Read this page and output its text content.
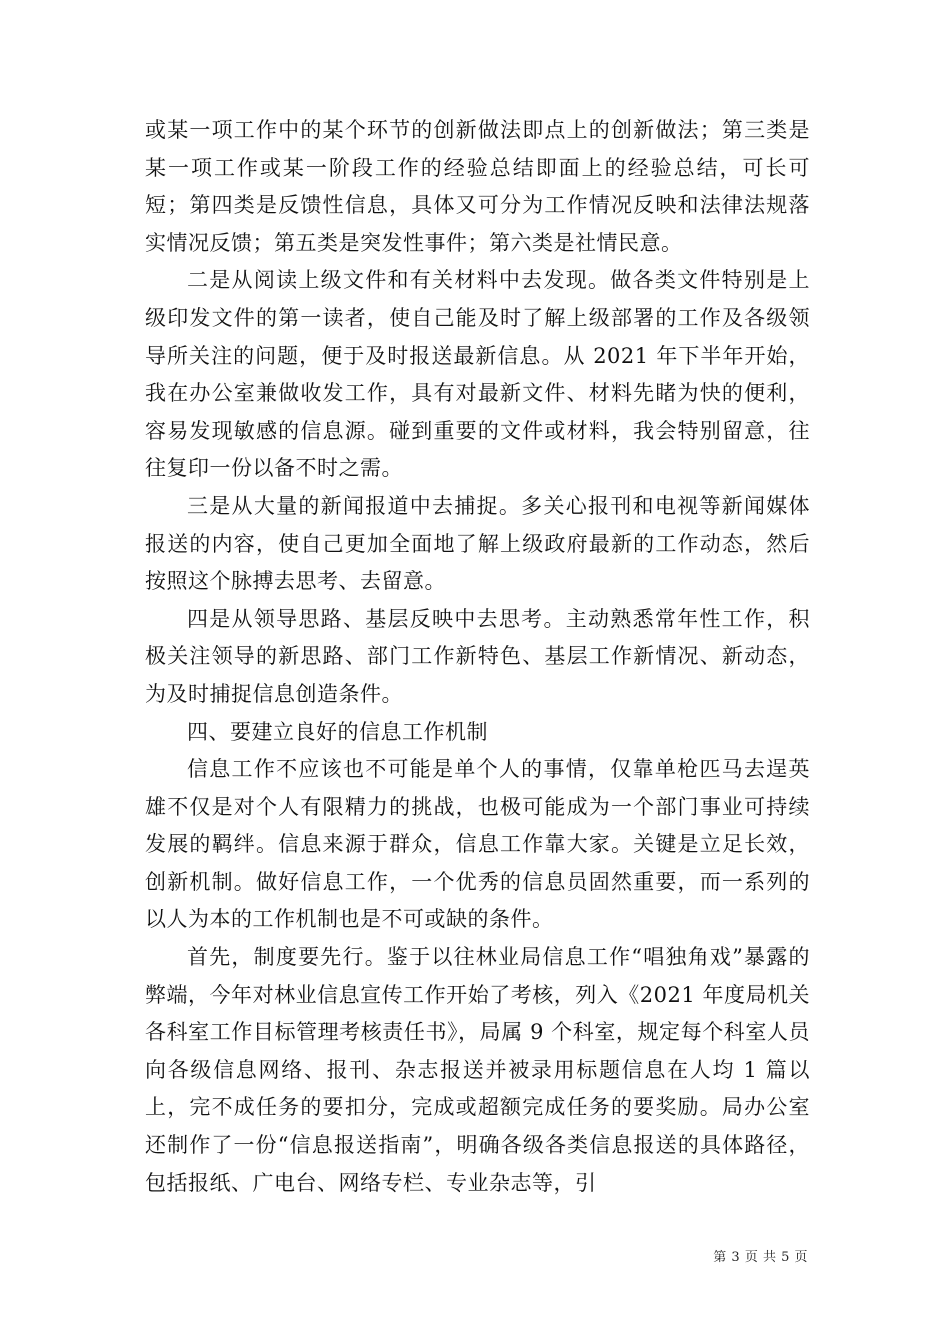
或某一项工作中的某个环节的创新做法即点上的创新做法；第三类是某一项工作或某一阶段工作的经验总结即面上的经验总结，可长可短；第四类是反馈性信息，具体又可分为工作情况反映和法律法规落实情况反馈；第五类是突发性事件；第六类是社情民意。

二是从阅读上级文件和有关材料中去发现。做各类文件特别是上级印发文件的第一读者，使自己能及时了解上级部署的工作及各级领导所关注的问题，便于及时报送最新信息。从 2021 年下半年开始，我在办公室兼做收发工作，具有对最新文件、材料先睹为快的便利，容易发现敏感的信息源。碰到重要的文件或材料，我会特别留意，往往复印一份以备不时之需。

三是从大量的新闻报道中去捕捉。多关心报刊和电视等新闻媒体报送的内容，使自己更加全面地了解上级政府最新的工作动态，然后按照这个脉搏去思考、去留意。

四是从领导思路、基层反映中去思考。主动熟悉常年性工作，积极关注领导的新思路、部门工作新特色、基层工作新情况、新动态，为及时捕捉信息创造条件。

四、要建立良好的信息工作机制

信息工作不应该也不可能是单个人的事情，仅靠单枪匹马去逞英雄不仅是对个人有限精力的挑战，也极可能成为一个部门事业可持续发展的羁绊。信息来源于群众，信息工作靠大家。关键是立足长效，创新机制。做好信息工作，一个优秀的信息员固然重要，而一系列的以人为本的工作机制也是不可或缺的条件。

首先，制度要先行。鉴于以往林业局信息工作“唱独角戏”暴露的弊端，今年对林业信息宣传工作开始了考核，列入《2021 年度局机关各科室工作目标管理考核责任书》，局属 9 个科室，规定每个科室人员向各级信息网络、报刊、杂志报送并被录用标题信息在人均 1 篇以上，完不成任务的要扣分，完成或超额完成任务的要奖励。局办公室还制作了一份“信息报送指南”，明确各级各类信息报送的具体路径，包括报纸、广电台、网络专栏、专业杂志等，引

第 3 页 共 5 页
